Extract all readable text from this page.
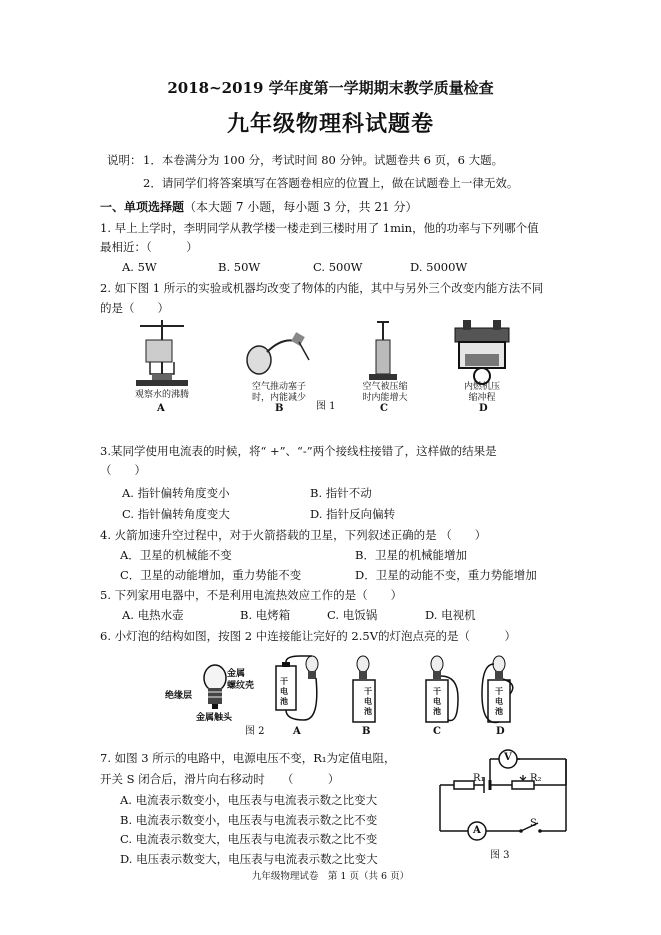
2018~2019 学年度第一学期期末教学质量检查
九年级物理科试题卷
说明： 1．本卷满分为 100 分，考试时间 80 分钟。试题卷共 6 页，6 大题。
2．请同学们将答案填写在答题卷相应的位置上，做在试题卷上一律无效。
一、单项选择题（本大题 7 小题，每小题 3 分，共 21 分）
1. 早上上学时，李明同学从教学楼一楼走到三楼时用了 1min，他的功率与下列哪个值
最相近：（　　　）
A. 5W	B. 50W	C. 500W	D. 5000W
2. 如下图 1 所示的实验或机器均改变了物体的内能，其中与另外三个改变内能方法不同
的是（　　）
观察水的沸腾
空气推动塞子
时，内能减少
空气被压缩
时内能增大
内燃机压
缩冲程
A	B	C	D
图 1
3.某同学使用电流表的时候，将“ +”、“-”两个接线柱接错了，这样做的结果是
（　　）
A. 指针偏转角度变小	B. 指针不动
C. 指针偏转角度变大	D. 指针反向偏转
4. 火箭加速升空过程中，对于火箭搭载的卫星，下列叙述正确的是 （　　）
A．卫星的机械能不变	B．卫星的机械能增加
C．卫星的动能增加，重力势能不变	D．卫星的动能不变，重力势能增加
5. 下列家用电器中，不是利用电流热效应工作的是（　　）
A. 电热水壶	B. 电烤箱	C. 电饭锅	D. 电视机
6. 小灯泡的结构如图，按图 2 中连接能让完好的 2.5V的灯泡点亮的是（　　　）
金属
螺纹壳
绝缘层
金属触头
干
电
池
干
电
池
干
电
池
干
电
池
图 2	A	B	C	D
7. 如图 3 所示的电路中，电源电压不变，R₁为定值电阻，
开关 S 闭合后，滑片向右移动时　　（　　　）
A. 电流表示数变小，电压表与电流表示数之比变大
B. 电流表示数变小，电压表与电流表示数之比不变
C. 电流表示数变大，电压表与电流表示数之比不变
D. 电压表示数变大，电压表与电流表示数之比变大
V
R₁	R₂
A
S
图 3
九年级物理试卷　第 1 页（共 6 页）
